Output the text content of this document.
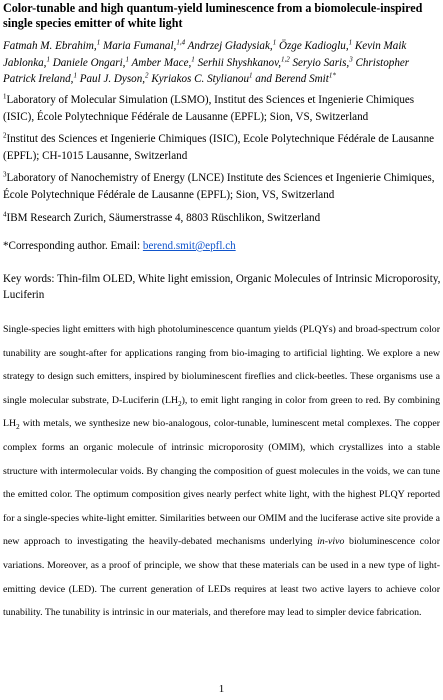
Color-tunable and high quantum-yield luminescence from a biomolecule-inspired single species emitter of white light
Fatmah M. Ebrahim,$^1$ Maria Fumanal,$^{1,4}$ Andrzej Gładysiak,$^1$ Özge Kadioglu,$^1$ Kevin Maik Jablonka,$^1$ Daniele Ongari,$^1$ Amber Mace,$^1$ Serhii Shyshkanov,$^{1,2}$ Seryio Saris,$^3$ Christopher Patrick Ireland,$^1$ Paul J. Dyson,$^2$ Kyriakos C. Stylianou$^1$ and Berend Smit$^{1*}$
$^1$Laboratory of Molecular Simulation (LSMO), Institut des Sciences et Ingenierie Chimiques (ISIC), École Polytechnique Fédérale de Lausanne (EPFL); Sion, VS, Switzerland
$^2$Institut des Sciences et Ingenierie Chimiques (ISIC), Ecole Polytechnique Fédérale de Lausanne (EPFL); CH-1015 Lausanne, Switzerland
$^3$Laboratory of Nanochemistry of Energy (LNCE) Institute des Sciences et Ingenierie Chimiques, École Polytechnique Fédérale de Lausanne (EPFL); Sion, VS, Switzerland
$^4$IBM Research Zurich, Säumerstrasse 4, 8803 Rüschlikon, Switzerland
*Corresponding author. Email: berend.smit@epfl.ch
Key words: Thin-film OLED, White light emission, Organic Molecules of Intrinsic Microporosity, Luciferin
Single-species light emitters with high photoluminescence quantum yields (PLQYs) and broad-spectrum color tunability are sought-after for applications ranging from bio-imaging to artificial lighting. We explore a new strategy to design such emitters, inspired by bioluminescent fireflies and click-beetles. These organisms use a single molecular substrate, D-Luciferin $(LH_2)$, to emit light ranging in color from green to red. By combining $LH_2$ with metals, we synthesize new bio-analogous, color-tunable, luminescent metal complexes. The copper complex forms an organic molecule of intrinsic microporosity (OMIM), which crystallizes into a stable structure with intermolecular voids. By changing the composition of guest molecules in the voids, we can tune the emitted color. The optimum composition gives nearly perfect white light, with the highest PLQY reported for a single-species white-light emitter. Similarities between our OMIM and the luciferase active site provide a new approach to investigating the heavily-debated mechanisms underlying in-vivo bioluminescence color variations. Moreover, as a proof of principle, we show that these materials can be used in a new type of light-emitting device (LED). The current generation of LEDs requires at least two active layers to achieve color tunability. The tunability is intrinsic in our materials, and therefore may lead to simpler device fabrication.
1
